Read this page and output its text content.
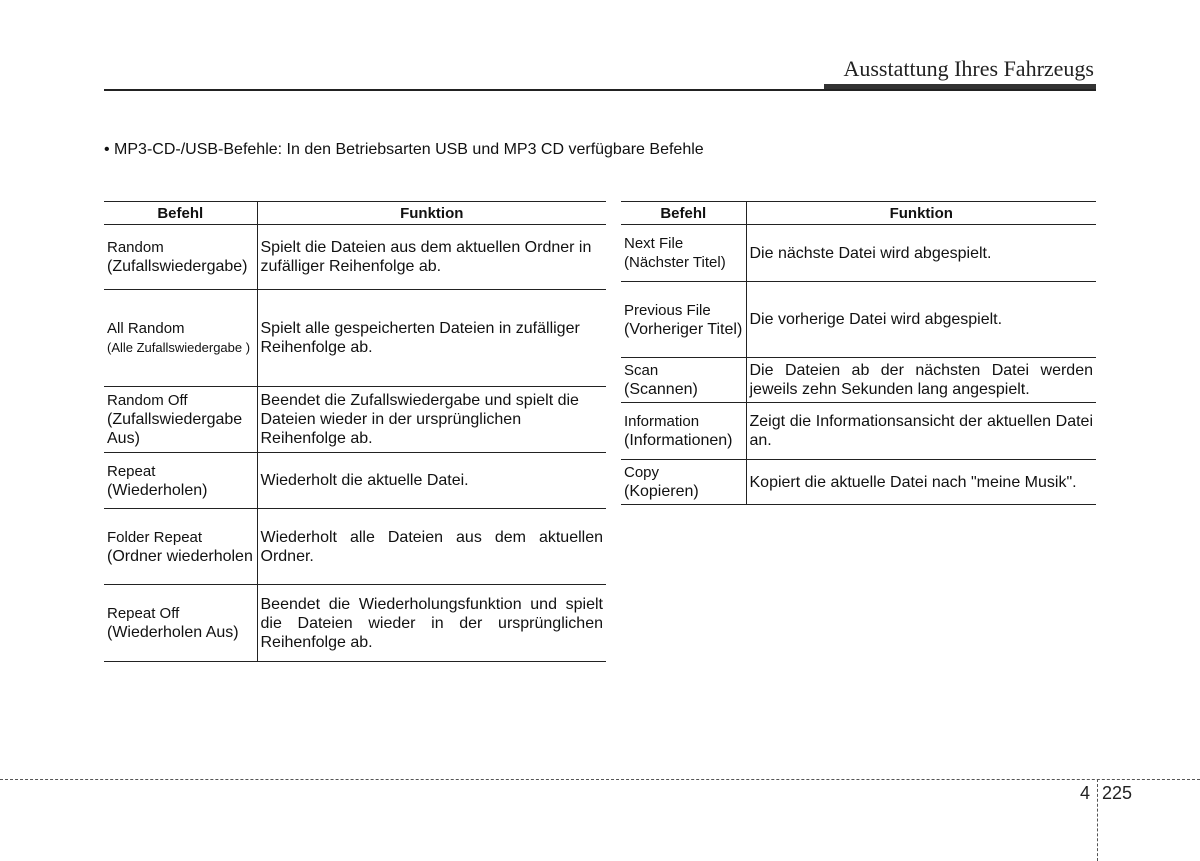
Ausstattung Ihres Fahrzeugs
• MP3-CD-/USB-Befehle: In den Betriebsarten USB und MP3 CD verfügbare Befehle
Befehl	Funktion

Random
(Zufallswiedergabe)	Spielt die Dateien aus dem aktuellen Ordner in zufälliger Reihenfolge ab.

All Random
(Alle Zufallswiedergabe )	Spielt alle gespeicherten Dateien in zufälliger Reihenfolge ab.

Random Off
(Zufallswiedergabe Aus)	Beendet die Zufallswiedergabe und spielt die Dateien wieder in der ursprünglichen Reihenfolge ab.

Repeat
(Wiederholen)	Wiederholt die aktuelle Datei.

Folder Repeat
(Ordner wiederholen	Wiederholt alle Dateien aus dem aktuellen Ordner.

Repeat Off
(Wiederholen Aus)	Beendet die Wiederholungsfunktion und spielt die Dateien wieder in der ursprünglichen Reihenfolge ab.
Befehl	Funktion

Next File
(Nächster Titel)	Die nächste Datei wird abgespielt.

Previous File
(Vorheriger Titel)	Die vorherige Datei wird abgespielt.

Scan
(Scannen)	Die Dateien ab der nächsten Datei werden jeweils zehn Sekunden lang angespielt.

Information
(Informationen)	Zeigt die Informationsansicht der aktuellen Datei an.

Copy
(Kopieren)	Kopiert die aktuelle Datei nach "meine Musik".
4 225
